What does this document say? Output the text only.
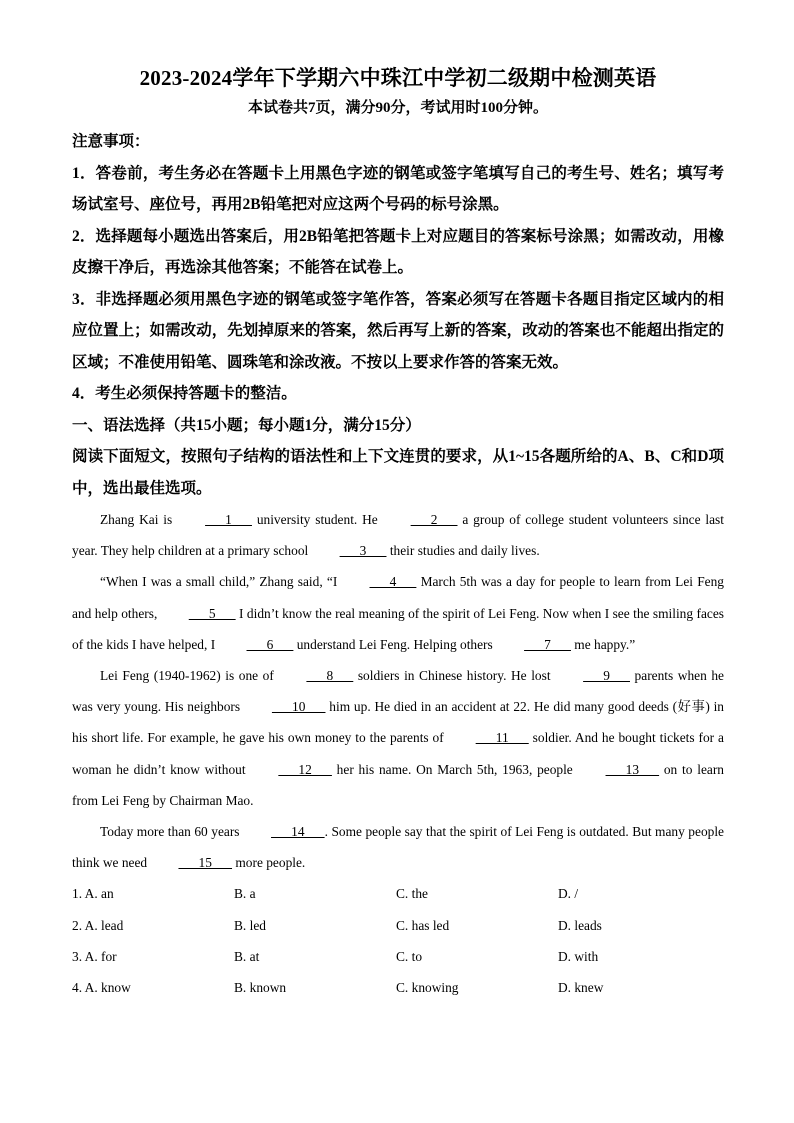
2023-2024学年下学期六中珠江中学初二级期中检测英语

本试卷共7页，满分90分，考试用时100分钟。

注意事项：

1．答卷前，考生务必在答题卡上用黑色字迹的钢笔或签字笔填写自己的考生号、姓名；填写考场试室号、座位号，再用2B铅笔把对应这两个号码的标号涂黑。

2．选择题每小题选出答案后，用2B铅笔把答题卡上对应题目的答案标号涂黑；如需改动，用橡皮擦干净后，再选涂其他答案；不能答在试卷上。

3．非选择题必须用黑色字迹的钢笔或签字笔作答，答案必须写在答题卡各题目指定区域内的相应位置上；如需改动，先划掉原来的答案，然后再写上新的答案，改动的答案也不能超出指定的区域；不准使用铅笔、圆珠笔和涂改液。不按以上要求作答的答案无效。

4．考生必须保持答题卡的整洁。

一、语法选择（共15小题；每小题1分，满分15分）

阅读下面短文，按照句子结构的语法性和上下文连贯的要求，从1~15各题所给的A、B、C和D项中，选出最佳选项。

Zhang Kai is       1       university student. He       2       a group of college student volunteers since last year. They help children at a primary school       3       their studies and daily lives.

“When I was a small child,” Zhang said, “I       4       March 5th was a day for people to learn from Lei Feng and help others,       5       I didn’t know the real meaning of the spirit of Lei Feng. Now when I see the smiling faces of the kids I have helped, I       6       understand Lei Feng. Helping others       7       me happy.”

Lei Feng (1940-1962) is one of       8       soldiers in Chinese history. He lost       9       parents when he was very young. His neighbors       10       him up. He died in an accident at 22. He did many good deeds (好事) in his short life. For example, he gave his own money to the parents of       11       soldier. And he bought tickets for a woman he didn’t know without       12       her his name. On March 5th, 1963, people       13       on to learn from Lei Feng by Chairman Mao.

Today more than 60 years       14      . Some people say that the spirit of Lei Feng is outdated. But many people think we need       15       more people.

1. A. an	B. a	C. the	D. /
2. A. lead	B. led	C. has led	D. leads
3. A. for	B. at	C. to	D. with
4. A. know	B. known	C. knowing	D. knew
